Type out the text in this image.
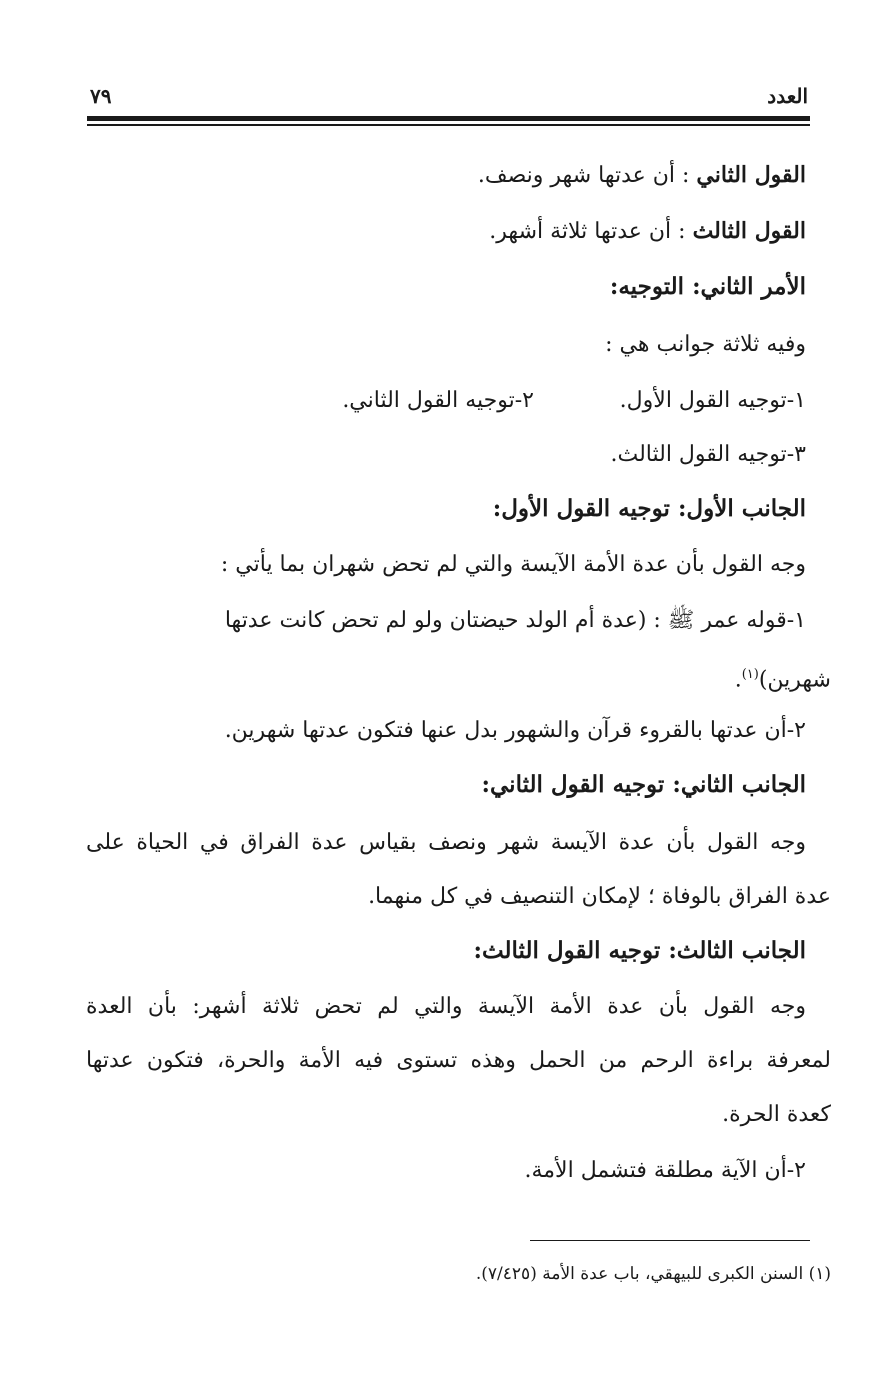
العدد
٧٩
القول الثاني : أن عدتها شهر ونصف.
القول الثالث : أن عدتها ثلاثة أشهر.
الأمر الثاني: التوجيه:
وفيه ثلاثة جوانب هي :
١-توجيه القول الأول.
٢-توجيه القول الثاني.
٣-توجيه القول الثالث.
الجانب الأول: توجيه القول الأول:
وجه القول بأن عدة الأمة الآيسة والتي لم تحض شهران بما يأتي :
١-قوله عمر ﷺ : (عدة أم الولد حيضتان ولو لم تحض كانت عدتها
شهرين)$^{(١)}$.
٢-أن عدتها بالقروء قرآن والشهور بدل عنها فتكون عدتها شهرين.
الجانب الثاني: توجيه القول الثاني:
وجه القول بأن عدة الآيسة شهر ونصف بقياس عدة الفراق في الحياة على
عدة الفراق بالوفاة ؛ لإمكان التنصيف في كل منهما.
الجانب الثالث: توجيه القول الثالث:
وجه القول بأن عدة الأمة الآيسة والتي لم تحض ثلاثة أشهر: بأن العدة
لمعرفة براءة الرحم من الحمل وهذه تستوى فيه الأمة والحرة، فتكون عدتها
كعدة الحرة.
٢-أن الآية مطلقة فتشمل الأمة.
(١) السنن الكبرى للبيهقي، باب عدة الأمة (٧/٤٢٥).
